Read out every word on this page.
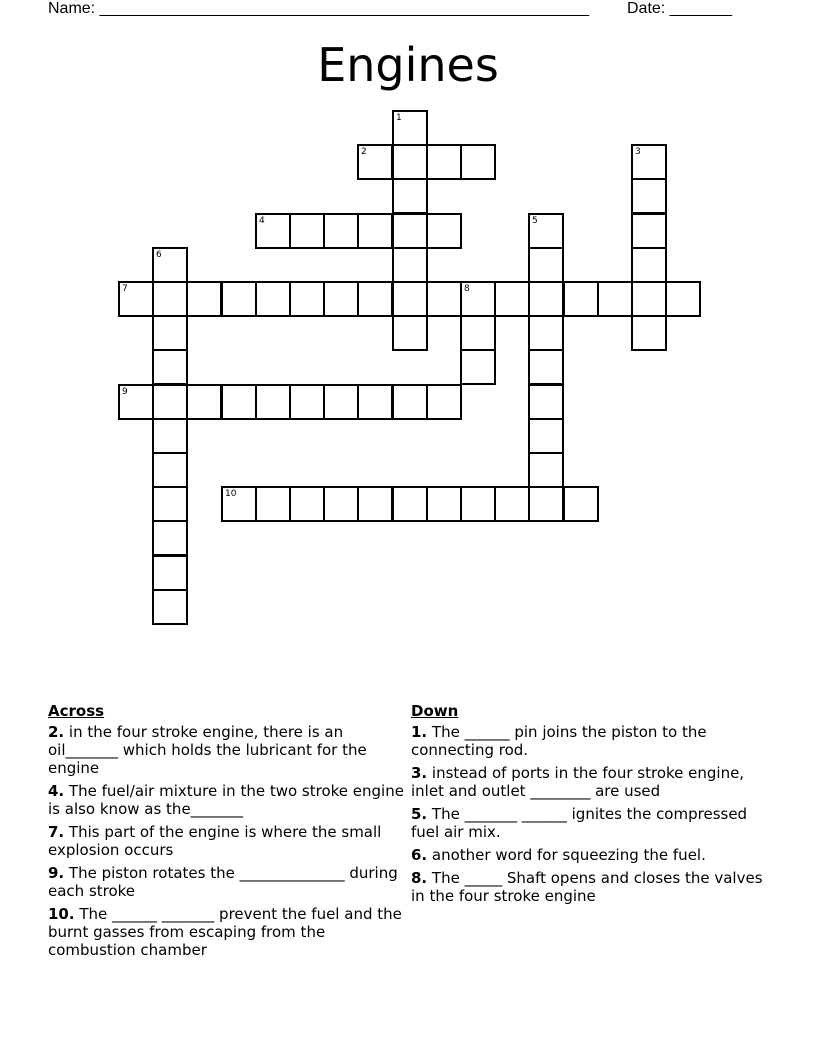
Name: _______________________________________________________ Date: _______
Engines
1
2	3
4	5
6
7	8
9
10
Across
2. in the four stroke engine, there is an oil_______ which holds the lubricant for the engine
4. The fuel/air mixture in the two stroke engine is also know as the_______
7. This part of the engine is where the small explosion occurs
9. The piston rotates the ______________ during each stroke
10. The ______ _______ prevent the fuel and the burnt gasses from escaping from the combustion chamber
Down
1. The ______ pin joins the piston to the connecting rod.
3. instead of ports in the four stroke engine, inlet and outlet ________ are used
5. The _______ ______ ignites the compressed fuel air mix.
6. another word for squeezing the fuel.
8. The _____ Shaft opens and closes the valves in the four stroke engine
